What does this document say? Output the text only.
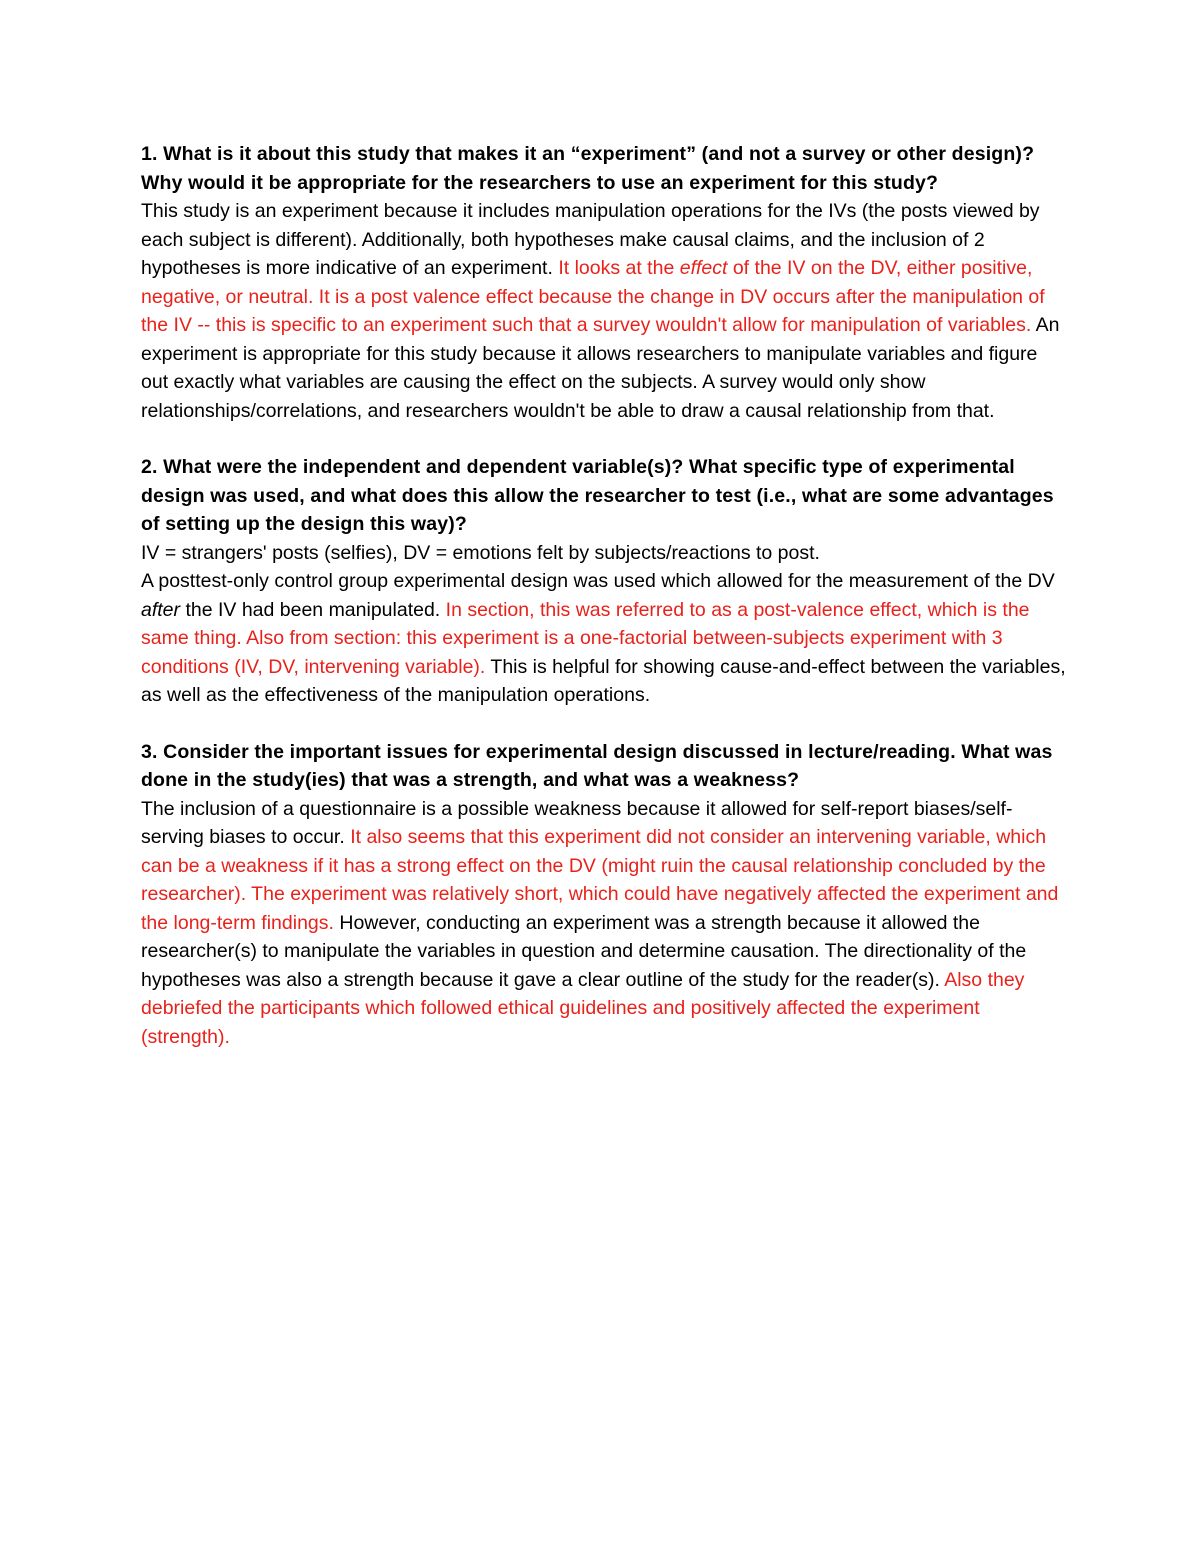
1. What is it about this study that makes it an “experiment” (and not a survey or other design)? Why would it be appropriate for the researchers to use an experiment for this study?

This study is an experiment because it includes manipulation operations for the IVs (the posts viewed by each subject is different). Additionally, both hypotheses make causal claims, and the inclusion of 2 hypotheses is more indicative of an experiment. It looks at the effect of the IV on the DV, either positive, negative, or neutral. It is a post valence effect because the change in DV occurs after the manipulation of the IV -- this is specific to an experiment such that a survey wouldn't allow for manipulation of variables. An experiment is appropriate for this study because it allows researchers to manipulate variables and figure out exactly what variables are causing the effect on the subjects. A survey would only show relationships/correlations, and researchers wouldn't be able to draw a causal relationship from that.

2. What were the independent and dependent variable(s)? What specific type of experimental design was used, and what does this allow the researcher to test (i.e., what are some advantages of setting up the design this way)?

IV = strangers' posts (selfies), DV = emotions felt by subjects/reactions to post.

A posttest-only control group experimental design was used which allowed for the measurement of the DV after the IV had been manipulated. In section, this was referred to as a post-valence effect, which is the same thing. Also from section: this experiment is a one-factorial between-subjects experiment with 3 conditions (IV, DV, intervening variable). This is helpful for showing cause-and-effect between the variables, as well as the effectiveness of the manipulation operations.

3. Consider the important issues for experimental design discussed in lecture/reading. What was done in the study(ies) that was a strength, and what was a weakness?

The inclusion of a questionnaire is a possible weakness because it allowed for self-report biases/self-serving biases to occur. It also seems that this experiment did not consider an intervening variable, which can be a weakness if it has a strong effect on the DV (might ruin the causal relationship concluded by the researcher). The experiment was relatively short, which could have negatively affected the experiment and the long-term findings. However, conducting an experiment was a strength because it allowed the researcher(s) to manipulate the variables in question and determine causation. The directionality of the hypotheses was also a strength because it gave a clear outline of the study for the reader(s). Also they debriefed the participants which followed ethical guidelines and positively affected the experiment (strength).
